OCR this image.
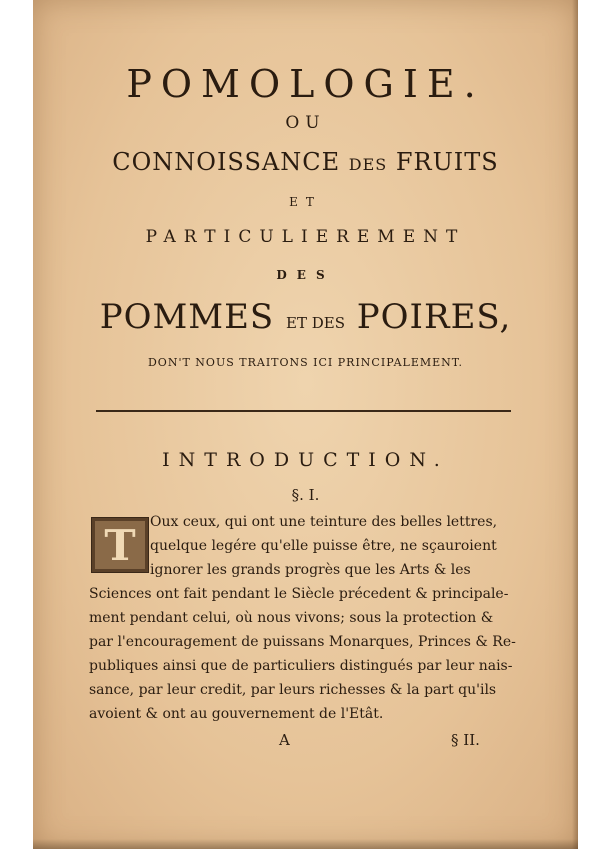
POMOLOGIE.
OU
CONNOISSANCE DES FRUITS
ET
PARTICULIEREMENT
DES
POMMES ET DES POIRES,
DON'T NOUS TRAITONS ICI PRINCIPALEMENT.
INTRODUCTION.
§. I.
T	Oux ceux, qui ont une teinture des belles lettres,
quelque legére qu'elle puisse être, ne sçauroient
ignorer les grands progrès que les Arts & les
Sciences ont fait pendant le Siècle précedent & principale-
ment pendant celui, où nous vivons; sous la protection &
par l'encouragement de puissans Monarques, Princes & Re-
publiques ainsi que de particuliers distingués par leur nais-
sance, par leur credit, par leurs richesses & la part qu'ils
avoient & ont au gouvernement de l'Etât.
A	§ II.
